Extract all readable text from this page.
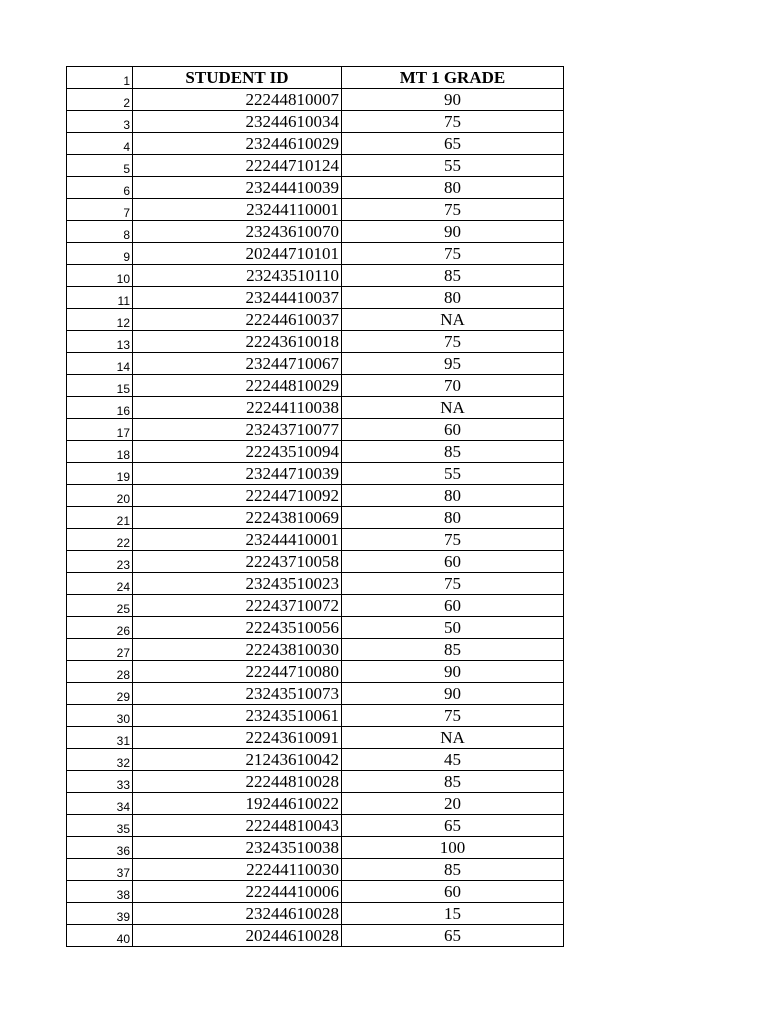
1	STUDENT ID	MT 1 GRADE
2	22244810007	90
3	23244610034	75
4	23244610029	65
5	22244710124	55
6	23244410039	80
7	23244110001	75
8	23243610070	90
9	20244710101	75
10	23243510110	85
11	23244410037	80
12	22244610037	NA
13	22243610018	75
14	23244710067	95
15	22244810029	70
16	22244110038	NA
17	23243710077	60
18	22243510094	85
19	23244710039	55
20	22244710092	80
21	22243810069	80
22	23244410001	75
23	22243710058	60
24	23243510023	75
25	22243710072	60
26	22243510056	50
27	22243810030	85
28	22244710080	90
29	23243510073	90
30	23243510061	75
31	22243610091	NA
32	21243610042	45
33	22244810028	85
34	19244610022	20
35	22244810043	65
36	23243510038	100
37	22244110030	85
38	22244410006	60
39	23244610028	15
40	20244610028	65
